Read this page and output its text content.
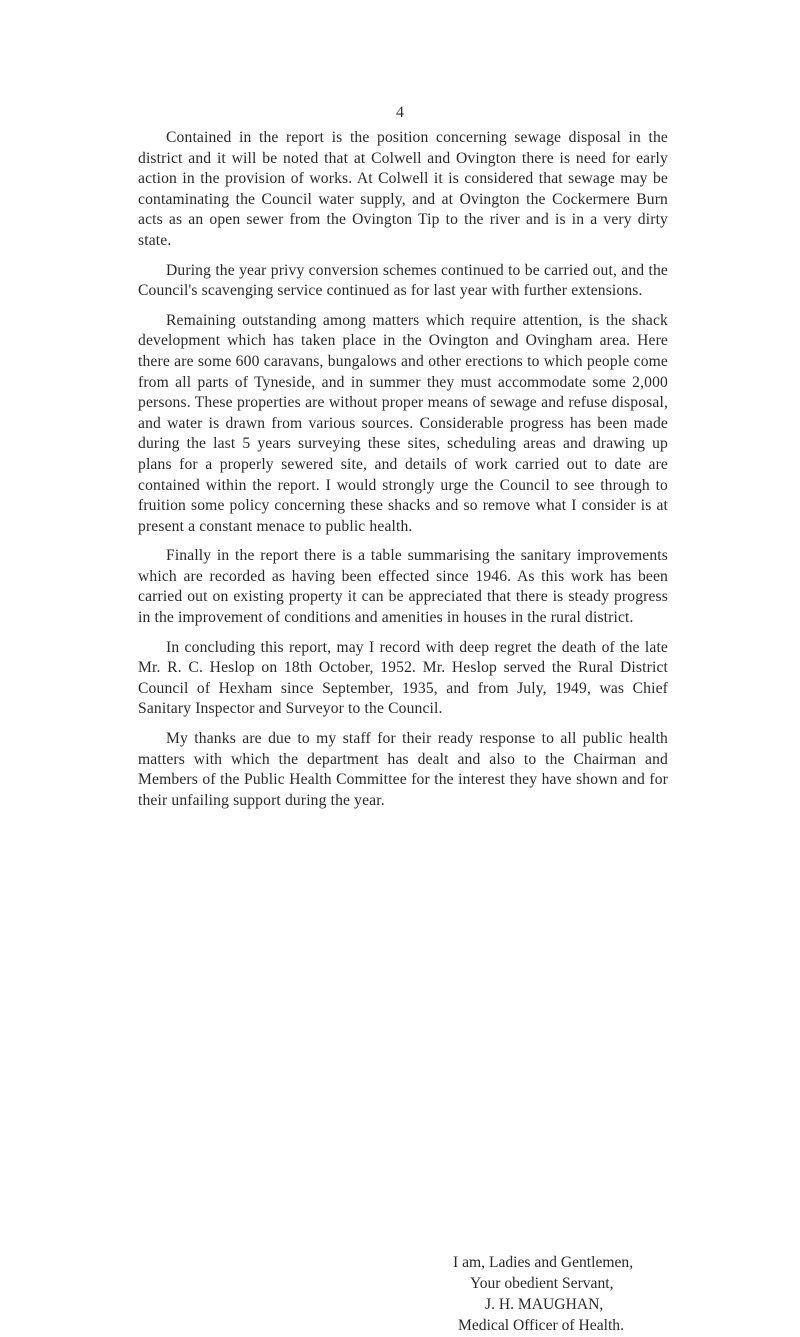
4

Contained in the report is the position concerning sewage disposal in the district and it will be noted that at Colwell and Ovington there is need for early action in the provision of works. At Colwell it is considered that sewage may be contaminating the Council water supply, and at Ovington the Cockermere Burn acts as an open sewer from the Ovington Tip to the river and is in a very dirty state.

During the year privy conversion schemes continued to be carried out, and the Council's scavenging service continued as for last year with further extensions.

Remaining outstanding among matters which require attention, is the shack development which has taken place in the Ovington and Ovingham area. Here there are some 600 caravans, bungalows and other erections to which people come from all parts of Tyneside, and in summer they must accommodate some 2,000 persons. These properties are without proper means of sewage and refuse disposal, and water is drawn from various sources. Considerable progress has been made during the last 5 years surveying these sites, scheduling areas and drawing up plans for a properly sewered site, and details of work carried out to date are contained within the report. I would strongly urge the Council to see through to fruition some policy concerning these shacks and so remove what I consider is at present a constant menace to public health.

Finally in the report there is a table summarising the sanitary improvements which are recorded as having been effected since 1946. As this work has been carried out on existing property it can be appreciated that there is steady progress in the improvement of conditions and amenities in houses in the rural district.

In concluding this report, may I record with deep regret the death of the late Mr. R. C. Heslop on 18th October, 1952. Mr. Heslop served the Rural District Council of Hexham since September, 1935, and from July, 1949, was Chief Sanitary Inspector and Surveyor to the Council.

My thanks are due to my staff for their ready response to all public health matters with which the department has dealt and also to the Chairman and Members of the Public Health Committee for the interest they have shown and for their unfailing support during the year.

I am, Ladies and Gentlemen,
Your obedient Servant,
J. H. MAUGHAN,
Medical Officer of Health.
